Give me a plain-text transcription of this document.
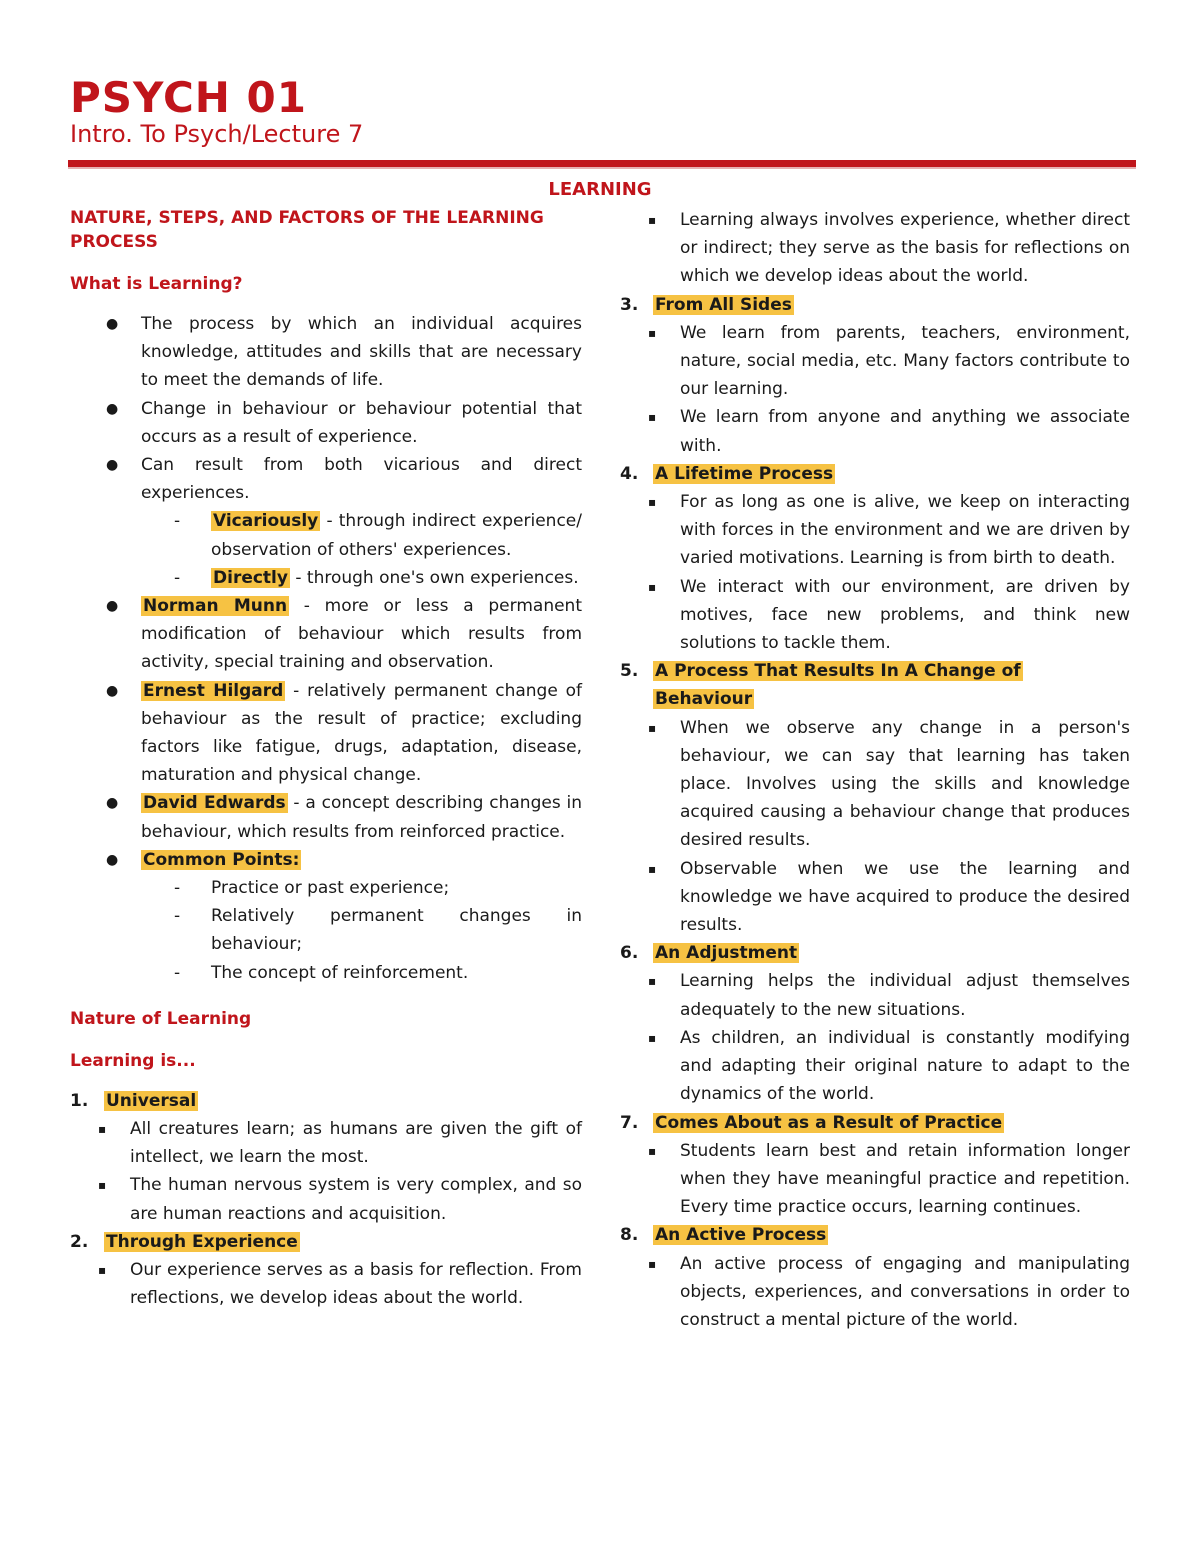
PSYCH 01
Intro. To Psych/Lecture 7
LEARNING

NATURE, STEPS, AND FACTORS OF THE LEARNING PROCESS

What is Learning?

● The process by which an individual acquires knowledge, attitudes and skills that are necessary to meet the demands of life.
● Change in behaviour or behaviour potential that occurs as a result of experience.
● Can result from both vicarious and direct experiences.
- Vicariously - through indirect experience/ observation of others' experiences.
- Directly - through one's own experiences.
● Norman Munn - more or less a permanent modification of behaviour which results from activity, special training and observation.
● Ernest Hilgard - relatively permanent change of behaviour as the result of practice; excluding factors like fatigue, drugs, adaptation, disease, maturation and physical change.
● David Edwards - a concept describing changes in behaviour, which results from reinforced practice.
● Common Points:
- Practice or past experience;
- Relatively permanent changes in behaviour;
- The concept of reinforcement.

Nature of Learning

Learning is...

1. Universal
▪ All creatures learn; as humans are given the gift of intellect, we learn the most.
▪ The human nervous system is very complex, and so are human reactions and acquisition.
2. Through Experience
▪ Our experience serves as a basis for reflection. From reflections, we develop ideas about the world.
▪ Learning always involves experience, whether direct or indirect; they serve as the basis for reflections on which we develop ideas about the world.
3. From All Sides
▪ We learn from parents, teachers, environment, nature, social media, etc. Many factors contribute to our learning.
▪ We learn from anyone and anything we associate with.
4. A Lifetime Process
▪ For as long as one is alive, we keep on interacting with forces in the environment and we are driven by varied motivations. Learning is from birth to death.
▪ We interact with our environment, are driven by motives, face new problems, and think new solutions to tackle them.
5. A Process That Results In A Change of
Behaviour
▪ When we observe any change in a person's behaviour, we can say that learning has taken place. Involves using the skills and knowledge acquired causing a behaviour change that produces desired results.
▪ Observable when we use the learning and knowledge we have acquired to produce the desired results.
6. An Adjustment
▪ Learning helps the individual adjust themselves adequately to the new situations.
▪ As children, an individual is constantly modifying and adapting their original nature to adapt to the dynamics of the world.
7. Comes About as a Result of Practice
▪ Students learn best and retain information longer when they have meaningful practice and repetition. Every time practice occurs, learning continues.
8. An Active Process
▪ An active process of engaging and manipulating objects, experiences, and conversations in order to construct a mental picture of the world.
